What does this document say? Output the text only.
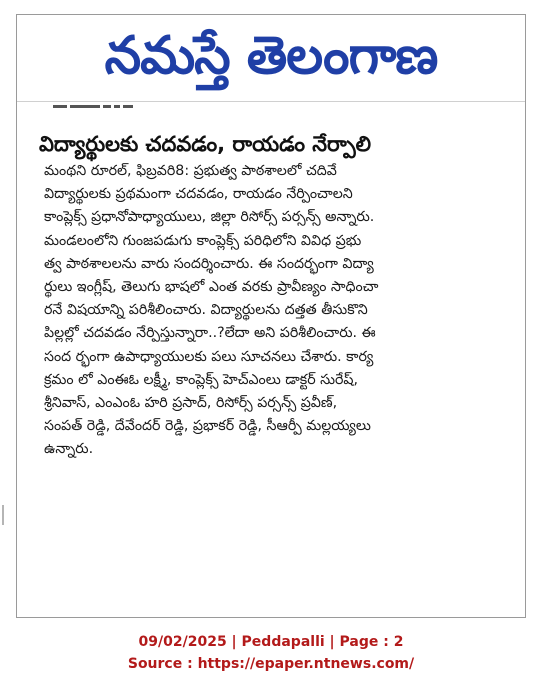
నమస్తే తెలంగాణ
విద్యార్థులకు చదవడం, రాయడం నేర్పాలి
మంథని రూరల్, ఫిబ్రవరి8: ప్రభుత్వ పాఠశాలలో చదివే
విద్యార్థులకు ప్రథమంగా చదవడం, రాయడం నేర్పించాలని
కాంప్లెక్స్ ప్రధానోపాధ్యాయులు, జిల్లా రిసోర్స్ పర్సన్స్ అన్నారు.
మండలంలోని గుంజపడుగు కాంప్లెక్స్ పరిధిలోని వివిధ ప్రభు
త్వ పాఠశాలలను వారు సందర్శించారు. ఈ సందర్భంగా విద్యా
ర్థులు ఇంగ్లీష్, తెలుగు భాషలో ఎంత వరకు ప్రావీణ్యం సాధించా
రనే విషయాన్ని పరిశీలించారు. విద్యార్థులను దత్తత తీసుకొని
పిల్లల్లో చదవడం నేర్పిస్తున్నారా..?లేదా అని పరిశీలించారు. ఈ
సంద ర్భంగా ఉపాధ్యాయులకు పలు సూచనలు చేశారు. కార్య
క్రమం లో ఎంఈఓ లక్ష్మీ, కాంప్లెక్స్ హెచ్ఎంలు డాక్టర్ సురేష్,
శ్రీనివాస్, ఎంఎంఓ హరి ప్రసాద్, రిసోర్స్ పర్సన్స్ ప్రవీణ్,
సంపత్ రెడ్డి, దేవేందర్ రెడ్డి, ప్రభాకర్ రెడ్డి, సీఆర్పీ మల్లయ్యలు
ఉన్నారు.
09/02/2025 | Peddapalli | Page : 2
Source : https://epaper.ntnews.com/
